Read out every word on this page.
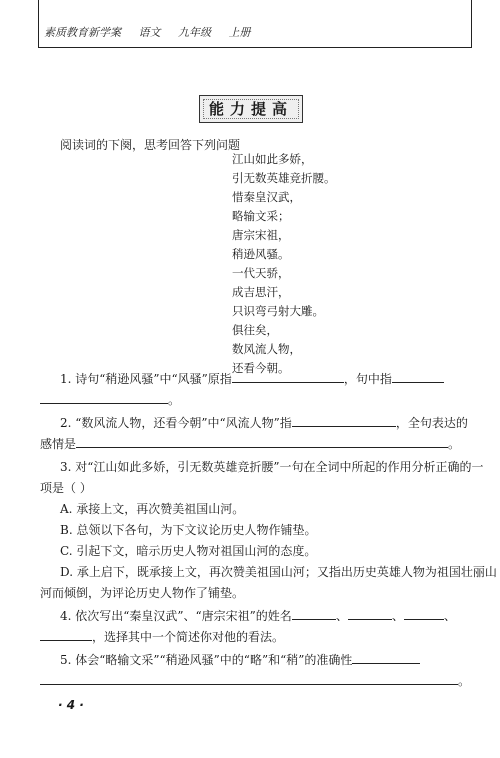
素质教育新学案 语文 九年级 上册
能力提高
阅读词的下阕，思考回答下列问题
江山如此多娇，
引无数英雄竞折腰。
惜秦皇汉武，
略输文采；
唐宗宋祖，
稍逊风骚。
一代天骄，
成吉思汗，
只识弯弓射大雕。
俱往矣，
数风流人物，
还看今朝。
1. 诗句“稍逊风骚”中“风骚”原指	，句中指
。
2. “数风流人物，还看今朝”中“风流人物”指	，全句表达的
感情是	。
3. 对“江山如此多娇，引无数英雄竞折腰”一句在全词中所起的作用分析正确的一
项是（ ）
A. 承接上文，再次赞美祖国山河。
B. 总领以下各句，为下文议论历史人物作铺垫。
C. 引起下文，暗示历史人物对祖国山河的态度。
D. 承上启下，既承接上文，再次赞美祖国山河；又指出历史英雄人物为祖国壮丽山
河而倾倒，为评论历史人物作了铺垫。
4. 依次写出“秦皇汉武”、“唐宗宋祖”的姓名	、	、	、
，选择其中一个简述你对他的看法。
5. 体会“略输文采”“稍逊风骚”中的“略”和“稍”的准确性
。
· 4 ·
